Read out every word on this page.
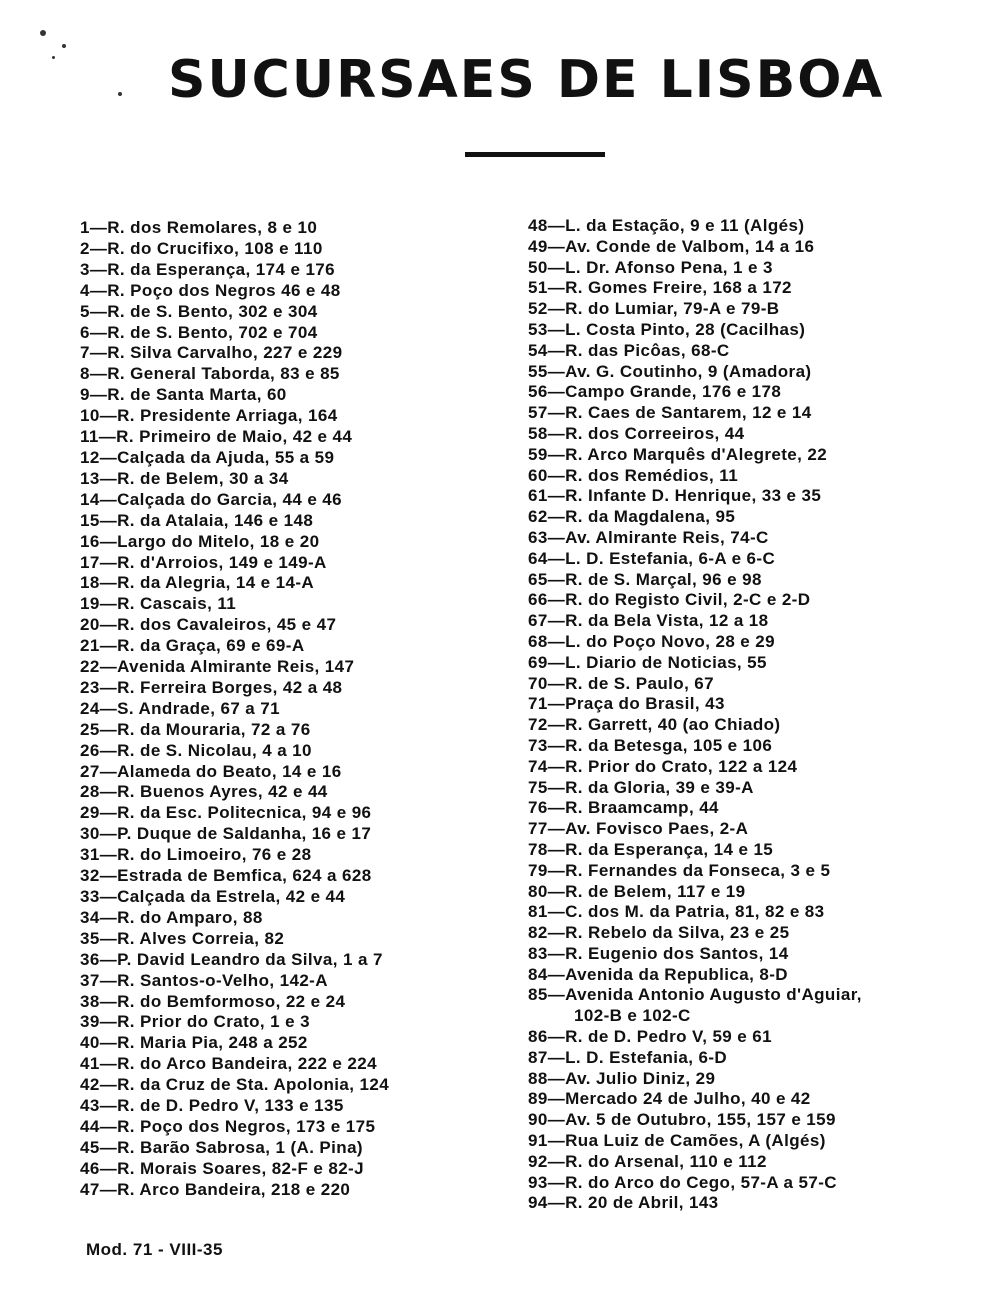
SUCURSAES DE LISBOA
1—R. dos Remolares, 8 e 10
2—R. do Crucifixo, 108 e 110
3—R. da Esperança, 174 e 176
4—R. Poço dos Negros 46 e 48
5—R. de S. Bento, 302 e 304
6—R. de S. Bento, 702 e 704
7—R. Silva Carvalho, 227 e 229
8—R. General Taborda, 83 e 85
9—R. de Santa Marta, 60
10—R. Presidente Arriaga, 164
11—R. Primeiro de Maio, 42 e 44
12—Calçada da Ajuda, 55 a 59
13—R. de Belem, 30 a 34
14—Calçada do Garcia, 44 e 46
15—R. da Atalaia, 146 e 148
16—Largo do Mitelo, 18 e 20
17—R. d'Arroios, 149 e 149-A
18—R. da Alegria, 14 e 14-A
19—R. Cascais, 11
20—R. dos Cavaleiros, 45 e 47
21—R. da Graça, 69 e 69-A
22—Avenida Almirante Reis, 147
23—R. Ferreira Borges, 42 a 48
24—S. Andrade, 67 a 71
25—R. da Mouraria, 72 a 76
26—R. de S. Nicolau, 4 a 10
27—Alameda do Beato, 14 e 16
28—R. Buenos Ayres, 42 e 44
29—R. da Esc. Politecnica, 94 e 96
30—P. Duque de Saldanha, 16 e 17
31—R. do Limoeiro, 76 e 28
32—Estrada de Bemfica, 624 a 628
33—Calçada da Estrela, 42 e 44
34—R. do Amparo, 88
35—R. Alves Correia, 82
36—P. David Leandro da Silva, 1 a 7
37—R. Santos-o-Velho, 142-A
38—R. do Bemformoso, 22 e 24
39—R. Prior do Crato, 1 e 3
40—R. Maria Pia, 248 a 252
41—R. do Arco Bandeira, 222 e 224
42—R. da Cruz de Sta. Apolonia, 124
43—R. de D. Pedro V, 133 e 135
44—R. Poço dos Negros, 173 e 175
45—R. Barão Sabrosa, 1 (A. Pina)
46—R. Morais Soares, 82-F e 82-J
47—R. Arco Bandeira, 218 e 220
48—L. da Estação, 9 e 11 (Algés)
49—Av. Conde de Valbom, 14 a 16
50—L. Dr. Afonso Pena, 1 e 3
51—R. Gomes Freire, 168 a 172
52—R. do Lumiar, 79-A e 79-B
53—L. Costa Pinto, 28 (Cacilhas)
54—R. das Picôas, 68-C
55—Av. G. Coutinho, 9 (Amadora)
56—Campo Grande, 176 e 178
57—R. Caes de Santarem, 12 e 14
58—R. dos Correeiros, 44
59—R. Arco Marquês d'Alegrete, 22
60—R. dos Remédios, 11
61—R. Infante D. Henrique, 33 e 35
62—R. da Magdalena, 95
63—Av. Almirante Reis, 74-C
64—L. D. Estefania, 6-A e 6-C
65—R. de S. Marçal, 96 e 98
66—R. do Registo Civil, 2-C e 2-D
67—R. da Bela Vista, 12 a 18
68—L. do Poço Novo, 28 e 29
69—L. Diario de Noticias, 55
70—R. de S. Paulo, 67
71—Praça do Brasil, 43
72—R. Garrett, 40 (ao Chiado)
73—R. da Betesga, 105 e 106
74—R. Prior do Crato, 122 a 124
75—R. da Gloria, 39 e 39-A
76—R. Braamcamp, 44
77—Av. Fovisco Paes, 2-A
78—R. da Esperança, 14 e 15
79—R. Fernandes da Fonseca, 3 e 5
80—R. de Belem, 117 e 19
81—C. dos M. da Patria, 81, 82 e 83
82—R. Rebelo da Silva, 23 e 25
83—R. Eugenio dos Santos, 14
84—Avenida da Republica, 8-D
85—Avenida Antonio Augusto d'Aguiar,
102-B e 102-C
86—R. de D. Pedro V, 59 e 61
87—L. D. Estefania, 6-D
88—Av. Julio Diniz, 29
89—Mercado 24 de Julho, 40 e 42
90—Av. 5 de Outubro, 155, 157 e 159
91—Rua Luiz de Camões, A (Algés)
92—R. do Arsenal, 110 e 112
93—R. do Arco do Cego, 57-A a 57-C
94—R. 20 de Abril, 143
Mod. 71 - VIII-35
